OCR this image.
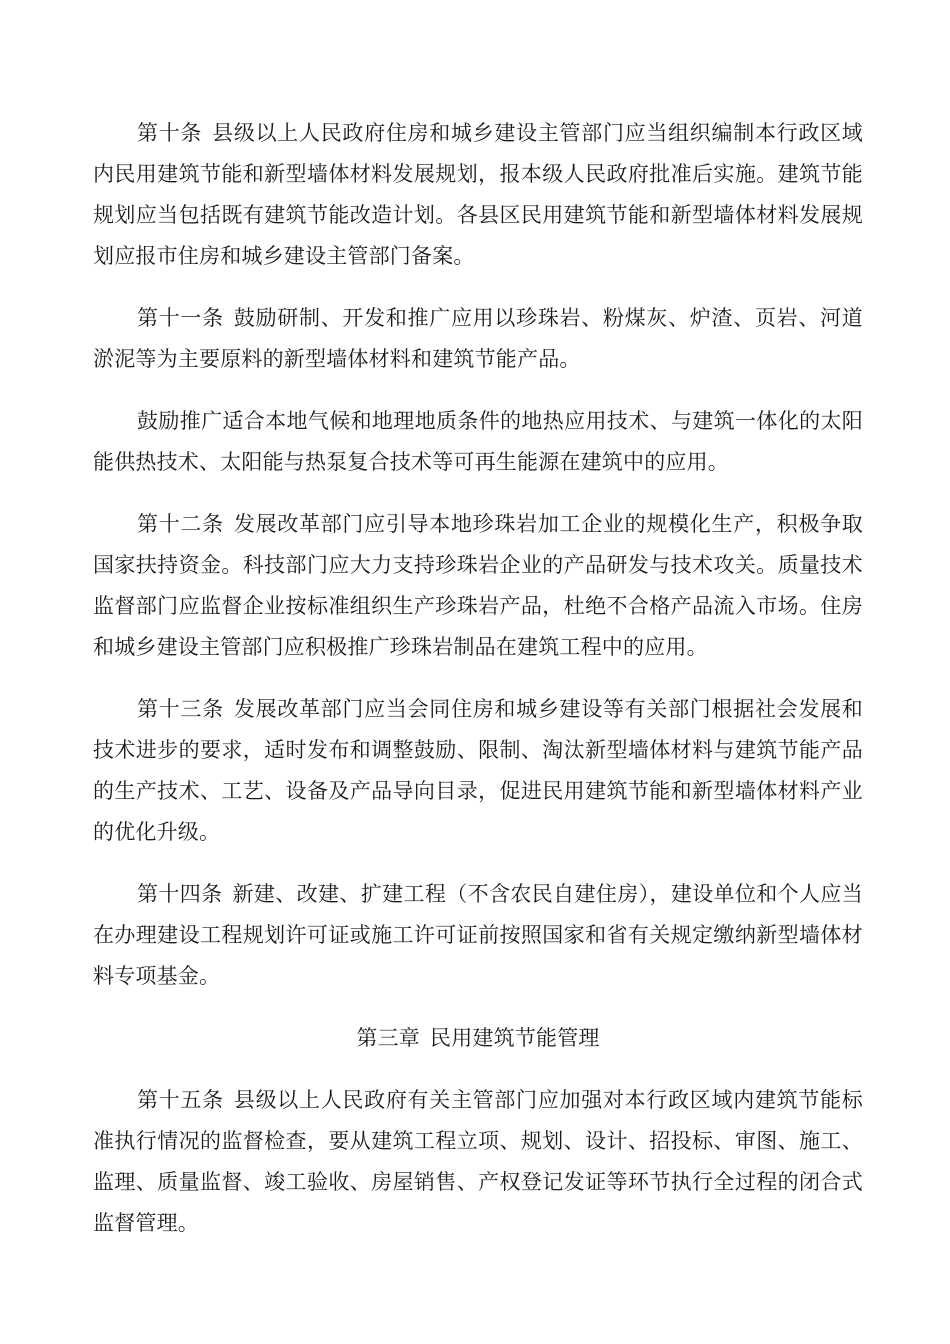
第十条 县级以上人民政府住房和城乡建设主管部门应当组织编制本行政区域内民用建筑节能和新型墙体材料发展规划，报本级人民政府批准后实施。建筑节能规划应当包括既有建筑节能改造计划。各县区民用建筑节能和新型墙体材料发展规划应报市住房和城乡建设主管部门备案。

第十一条 鼓励研制、开发和推广应用以珍珠岩、粉煤灰、炉渣、页岩、河道淤泥等为主要原料的新型墙体材料和建筑节能产品。

鼓励推广适合本地气候和地理地质条件的地热应用技术、与建筑一体化的太阳能供热技术、太阳能与热泵复合技术等可再生能源在建筑中的应用。

第十二条 发展改革部门应引导本地珍珠岩加工企业的规模化生产，积极争取国家扶持资金。科技部门应大力支持珍珠岩企业的产品研发与技术攻关。质量技术监督部门应监督企业按标准组织生产珍珠岩产品，杜绝不合格产品流入市场。住房和城乡建设主管部门应积极推广珍珠岩制品在建筑工程中的应用。

第十三条 发展改革部门应当会同住房和城乡建设等有关部门根据社会发展和技术进步的要求，适时发布和调整鼓励、限制、淘汰新型墙体材料与建筑节能产品的生产技术、工艺、设备及产品导向目录，促进民用建筑节能和新型墙体材料产业的优化升级。

第十四条 新建、改建、扩建工程（不含农民自建住房），建设单位和个人应当在办理建设工程规划许可证或施工许可证前按照国家和省有关规定缴纳新型墙体材料专项基金。

第三章 民用建筑节能管理

第十五条 县级以上人民政府有关主管部门应加强对本行政区域内建筑节能标准执行情况的监督检查，要从建筑工程立项、规划、设计、招投标、审图、施工、监理、质量监督、竣工验收、房屋销售、产权登记发证等环节执行全过程的闭合式监督管理。
